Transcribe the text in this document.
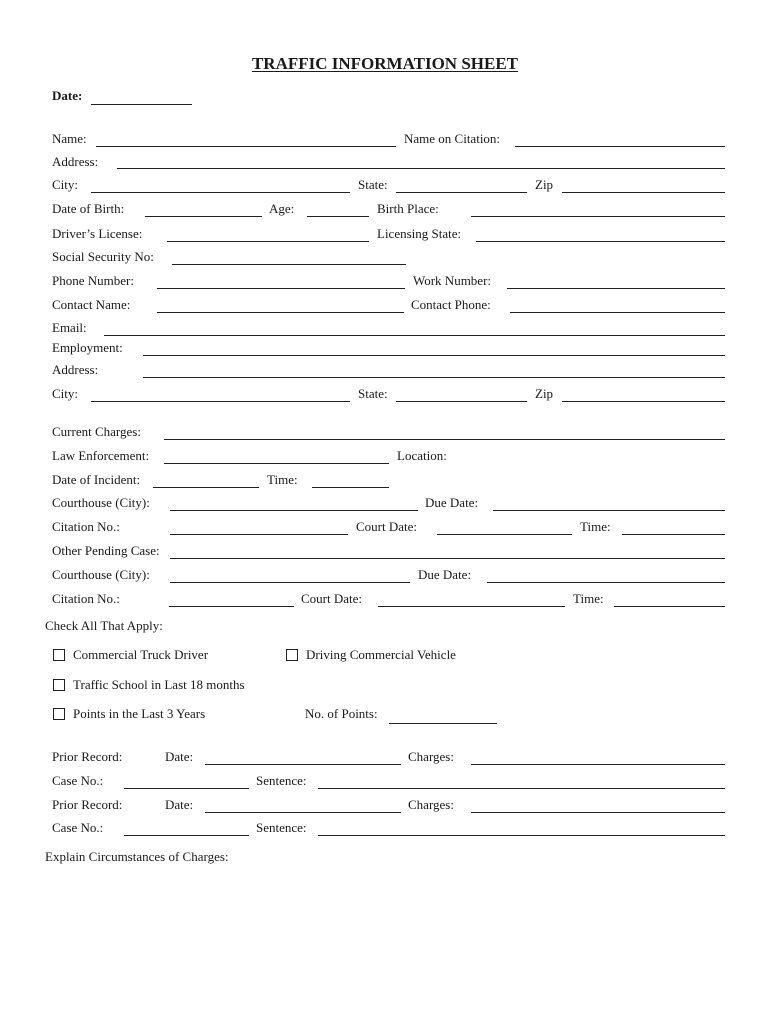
TRAFFIC INFORMATION SHEET
Date:
Name:	Name on Citation:
Address:
City:	State:	Zip
Date of Birth:	Age:	Birth Place:
Driver’s License:	Licensing State:
Social Security No:
Phone Number:	Work Number:
Contact Name:	Contact Phone:
Email:
Employment:
Address:
City:	State:	Zip
Current Charges:
Law Enforcement:	Location:
Date of Incident:	Time:
Courthouse (City):	Due Date:
Citation No.:	Court Date:	Time:
Other Pending Case:
Courthouse (City):	Due Date:
Citation No.:	Court Date:	Time:
Check All That Apply:
Commercial Truck Driver	Driving Commercial Vehicle
Traffic School in Last 18 months
Points in the Last 3 Years	No. of Points:
Prior Record:	Date:	Charges:
Case No.:	Sentence:
Prior Record:	Date:	Charges:
Case No.:	Sentence:
Explain Circumstances of Charges:
